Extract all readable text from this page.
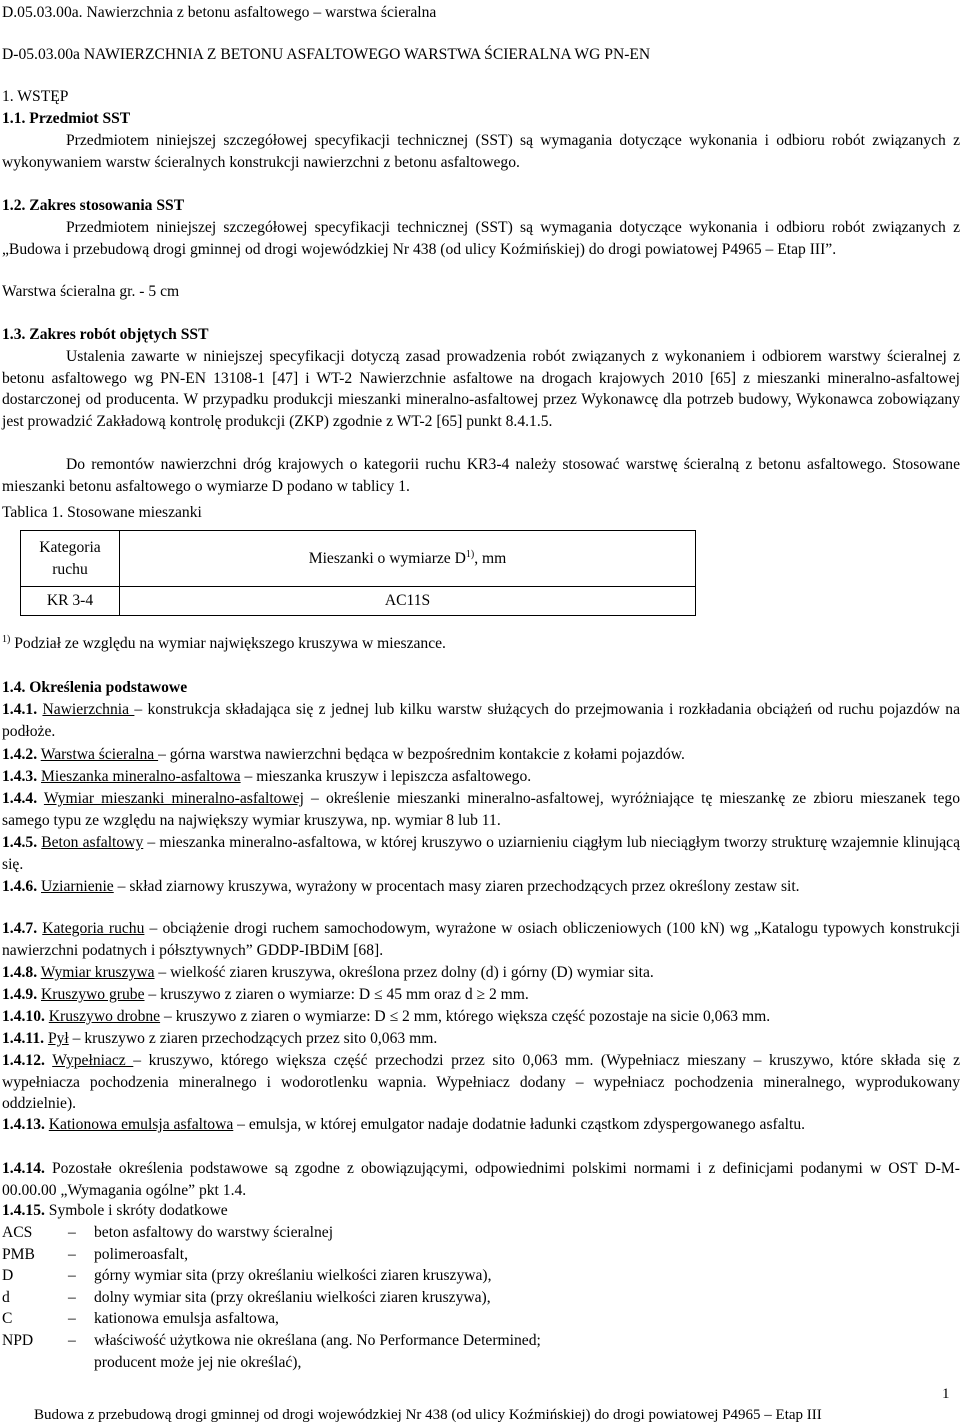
D.05.03.00a. Nawierzchnia z betonu asfaltowego – warstwa ścieralna
D-05.03.00a NAWIERZCHNIA Z BETONU ASFALTOWEGO WARSTWA ŚCIERALNA WG PN-EN
1. WSTĘP
1.1. Przedmiot SST
Przedmiotem niniejszej szczegółowej specyfikacji technicznej (SST) są wymagania dotyczące wykonania i odbioru robót związanych z wykonywaniem warstw ścieralnych konstrukcji nawierzchni z betonu asfaltowego.
1.2. Zakres stosowania SST
Przedmiotem niniejszej szczegółowej specyfikacji technicznej (SST) są wymagania dotyczące wykonania i odbioru robót związanych z „Budowa i przebudową drogi gminnej od drogi wojewódzkiej Nr 438 (od ulicy Koźmińskiej) do drogi powiatowej P4965 – Etap III”.
Warstwa ścieralna gr. - 5 cm
1.3. Zakres robót objętych SST
Ustalenia zawarte w niniejszej specyfikacji dotyczą zasad prowadzenia robót związanych z wykonaniem i odbiorem warstwy ścieralnej z betonu asfaltowego wg PN-EN 13108-1 [47] i WT-2 Nawierzchnie asfaltowe na drogach krajowych 2010 [65] z mieszanki mineralno-asfaltowej dostarczonej od producenta. W przypadku produkcji mieszanki mineralno-asfaltowej przez Wykonawcę dla potrzeb budowy, Wykonawca zobowiązany jest prowadzić Zakładową kontrolę produkcji (ZKP) zgodnie z WT-2 [65] punkt 8.4.1.5.
Do remontów nawierzchni dróg krajowych o kategorii ruchu KR3-4 należy stosować warstwę ścieralną z betonu asfaltowego. Stosowane mieszanki betonu asfaltowego o wymiarze D podano w tablicy 1.
Tablica 1. Stosowane mieszanki
Kategoria ruchu	Mieszanki o wymiarze $D^{1)}$, mm
KR 3-4	AC11S
$^{1)}$ Podział ze względu na wymiar największego kruszywa w mieszance.
1.4. Określenia podstawowe
1.4.1. Nawierzchnia – konstrukcja składająca się z jednej lub kilku warstw służących do przejmowania i rozkładania obciążeń od ruchu pojazdów na podłoże.
1.4.2. Warstwa ścieralna – górna warstwa nawierzchni będąca w bezpośrednim kontakcie z kołami pojazdów.
1.4.3. Mieszanka mineralno-asfaltowa – mieszanka kruszyw i lepiszcza asfaltowego.
1.4.4. Wymiar mieszanki mineralno-asfaltowej – określenie mieszanki mineralno-asfaltowej, wyróżniające tę mieszankę ze zbioru mieszanek tego samego typu ze względu na największy wymiar kruszywa, np. wymiar 8 lub 11.
1.4.5. Beton asfaltowy – mieszanka mineralno-asfaltowa, w której kruszywo o uziarnieniu ciągłym lub nieciągłym tworzy strukturę wzajemnie klinującą się.
1.4.6. Uziarnienie – skład ziarnowy kruszywa, wyrażony w procentach masy ziaren przechodzących przez określony zestaw sit.
1.4.7. Kategoria ruchu – obciążenie drogi ruchem samochodowym, wyrażone w osiach obliczeniowych (100 kN) wg „Katalogu typowych konstrukcji nawierzchni podatnych i półsztywnych” GDDP-IBDiM [68].
1.4.8. Wymiar kruszywa – wielkość ziaren kruszywa, określona przez dolny (d) i górny (D) wymiar sita.
1.4.9. Kruszywo grube – kruszywo z ziaren o wymiarze: D ≤ 45 mm oraz d ≥ 2 mm.
1.4.10. Kruszywo drobne – kruszywo z ziaren o wymiarze: D ≤ 2 mm, którego większa część pozostaje na sicie 0,063 mm.
1.4.11. Pył – kruszywo z ziaren przechodzących przez sito 0,063 mm.
1.4.12. Wypełniacz – kruszywo, którego większa część przechodzi przez sito 0,063 mm. (Wypełniacz mieszany – kruszywo, które składa się z wypełniacza pochodzenia mineralnego i wodorotlenku wapnia. Wypełniacz dodany – wypełniacz pochodzenia mineralnego, wyprodukowany oddzielnie).
1.4.13. Kationowa emulsja asfaltowa – emulsja, w której emulgator nadaje dodatnie ładunki cząstkom zdyspergowanego asfaltu.
1.4.14. Pozostałe określenia podstawowe są zgodne z obowiązującymi, odpowiednimi polskimi normami i z definicjami podanymi w OST D-M-00.00.00 „Wymagania ogólne” pkt 1.4.
1.4.15. Symbole i skróty dodatkowe
ACS – beton asfaltowy do warstwy ścieralnej
PMB – polimeroasfalt,
D	– górny wymiar sita (przy określaniu wielkości ziaren kruszywa),
d	– dolny wymiar sita (przy określaniu wielkości ziaren kruszywa),
C	– kationowa emulsja asfaltowa,
NPD – właściwość użytkowa nie określana (ang. No Performance Determined;
producent może jej nie określać),
1
Budowa z przebudową drogi gminnej od drogi wojewódzkiej Nr 438 (od ulicy Koźmińskiej) do drogi powiatowej P4965 – Etap III
